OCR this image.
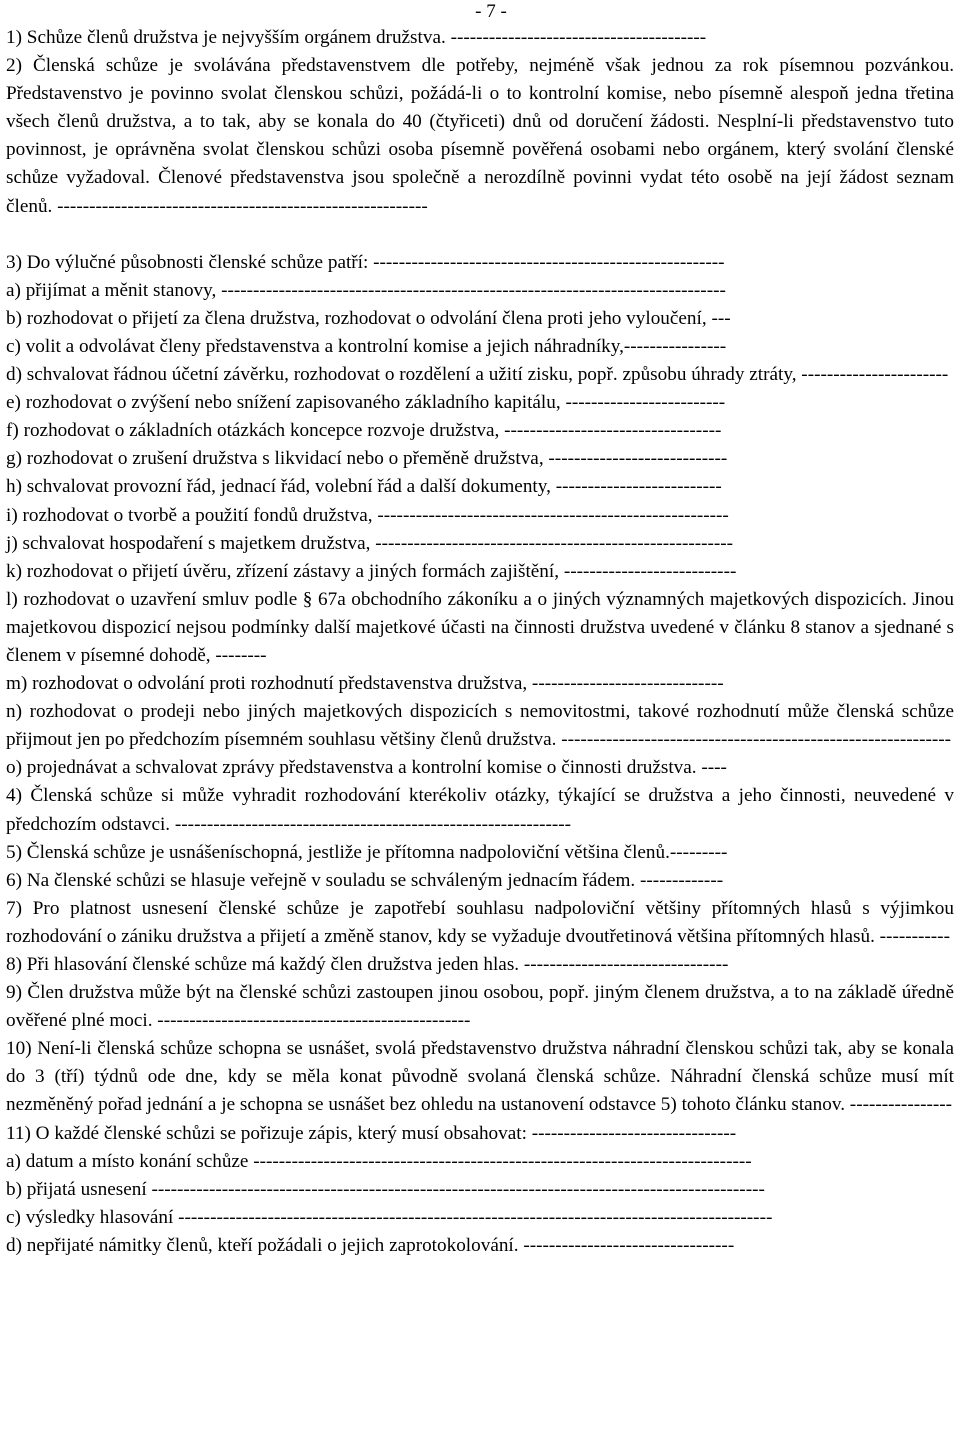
- 7 -

1) Schůze členů družstva je nejvyšším orgánem družstva. ----------------------------------------

2) Členská schůze je svolávána představenstvem dle potřeby, nejméně však jednou za rok písemnou pozvánkou. Představenstvo je povinno svolat členskou schůzi, požádá-li o to kontrolní komise, nebo písemně alespoň jedna třetina všech členů družstva, a to tak, aby se konala do 40 (čtyřiceti) dnů od doručení žádosti. Nesplní-li představenstvo tuto povinnost, je oprávněna svolat členskou schůzi osoba písemně pověřená osobami nebo orgánem, který svolání členské schůze vyžadoval. Členové představenstva jsou společně a nerozdílně povinni vydat této osobě na její žádost seznam členů. ----------------------------------------------------------

3) Do výlučné působnosti členské schůze patří: -------------------------------------------------------

a) přijímat a měnit stanovy, -------------------------------------------------------------------------------

b) rozhodovat o přijetí za člena družstva, rozhodovat o odvolání člena proti jeho vyloučení, ---

c) volit a odvolávat členy představenstva a kontrolní komise a jejich náhradníky,----------------

d) schvalovat řádnou účetní závěrku, rozhodovat o rozdělení a užití zisku, popř. způsobu úhrady ztráty, -----------------------

e) rozhodovat o zvýšení nebo snížení zapisovaného základního kapitálu, -------------------------

f) rozhodovat o základních otázkách koncepce rozvoje družstva, ----------------------------------

g) rozhodovat o zrušení družstva s likvidací nebo o přeměně družstva, ----------------------------

h) schvalovat provozní řád, jednací řád, volební řád a další dokumenty, --------------------------

i) rozhodovat o tvorbě a použití fondů družstva, -------------------------------------------------------

j) schvalovat hospodaření s majetkem družstva, --------------------------------------------------------

k) rozhodovat o přijetí úvěru, zřízení zástavy a jiných formách zajištění, ---------------------------

l) rozhodovat o uzavření smluv podle § 67a obchodního zákoníku a o jiných významných majetkových dispozicích. Jinou majetkovou dispozicí nejsou podmínky další majetkové účasti na činnosti družstva uvedené v článku 8 stanov a sjednané s členem v písemné dohodě, --------

m) rozhodovat o odvolání proti rozhodnutí představenstva družstva, ------------------------------

n) rozhodovat o prodeji nebo jiných majetkových dispozicích s nemovitostmi, takové rozhodnutí může členská schůze přijmout jen po předchozím písemném souhlasu většiny členů družstva. -------------------------------------------------------------

o) projednávat a schvalovat zprávy představenstva a kontrolní komise o činnosti družstva. ----

4) Členská schůze si může vyhradit rozhodování kterékoliv otázky, týkající se družstva a jeho činnosti, neuvedené v předchozím odstavci. --------------------------------------------------------------

5) Členská schůze je usnášeníschopná, jestliže je přítomna nadpoloviční většina členů.---------

6) Na členské schůzi se hlasuje veřejně v souladu se schváleným jednacím řádem. -------------

7) Pro platnost usnesení členské schůze je zapotřebí souhlasu nadpoloviční většiny přítomných hlasů s výjimkou rozhodování o zániku družstva a přijetí a změně stanov, kdy se vyžaduje dvoutřetinová většina přítomných hlasů. -----------

8) Při hlasování členské schůze má každý člen družstva jeden hlas. --------------------------------

9) Člen družstva může být na členské schůzi zastoupen jinou osobou, popř. jiným členem družstva, a to na základě úředně ověřené plné moci. -------------------------------------------------

10) Není-li členská schůze schopna se usnášet, svolá představenstvo družstva náhradní členskou schůzi tak, aby se konala do 3 (tří) týdnů ode dne, kdy se měla konat původně svolaná členská schůze. Náhradní členská schůze musí mít nezměněný pořad jednání a je schopna se usnášet bez ohledu na ustanovení odstavce 5) tohoto článku stanov. ----------------

11) O každé členské schůzi se pořizuje zápis, který musí obsahovat: --------------------------------

a) datum a místo konání schůze ------------------------------------------------------------------------------

b) přijatá usnesení ------------------------------------------------------------------------------------------------

c) výsledky hlasování ---------------------------------------------------------------------------------------------

d) nepřijaté námitky členů, kteří požádali o jejich zaprotokolování. ---------------------------------
